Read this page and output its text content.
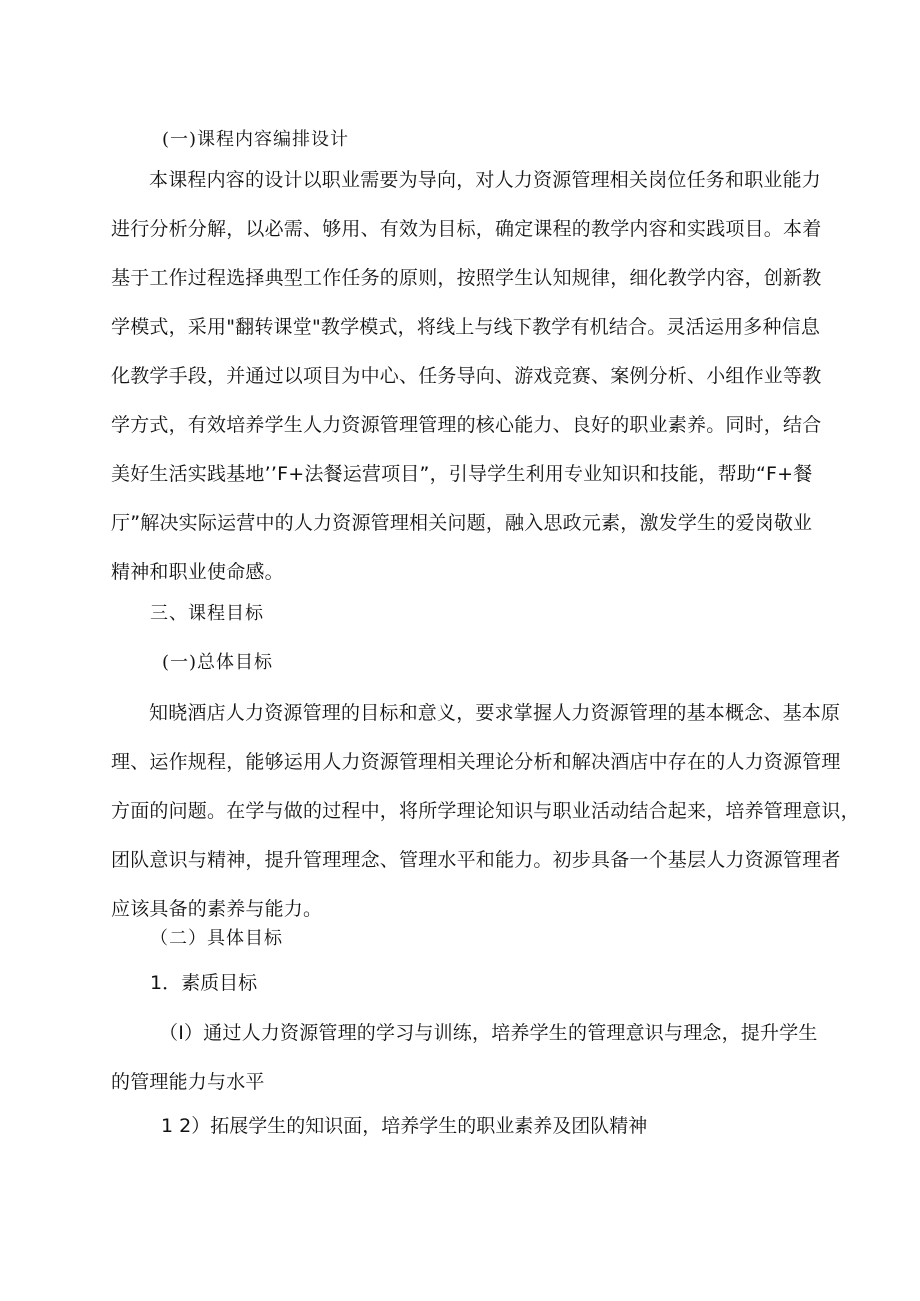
(一)课程内容编排设计
本课程内容的设计以职业需要为导向，对人力资源管理相关岗位任务和职业能力
进行分析分解，以必需、够用、有效为目标，确定课程的教学内容和实践项目。本着
基于工作过程选择典型工作任务的原则，按照学生认知规律，细化教学内容，创新教
学模式，采用"翻转课堂"教学模式，将线上与线下教学有机结合。灵活运用多种信息
化教学手段，并通过以项目为中心、任务导向、游戏竞赛、案例分析、小组作业等教
学方式，有效培养学生人力资源管理管理的核心能力、良好的职业素养。同时，结合
美好生活实践基地’’F+法餐运营项目”，引导学生利用专业知识和技能，帮助“F+餐
厅”解决实际运营中的人力资源管理相关问题，融入思政元素，激发学生的爱岗敬业
精神和职业使命感。
三、课程目标
(一)总体目标
知晓酒店人力资源管理的目标和意义，要求掌握人力资源管理的基本概念、基本原
理、运作规程，能够运用人力资源管理相关理论分析和解决酒店中存在的人力资源管理
方面的问题。在学与做的过程中，将所学理论知识与职业活动结合起来，培养管理意识，
团队意识与精神，提升管理理念、管理水平和能力。初步具备一个基层人力资源管理者
应该具备的素养与能力。
（二）具体目标
1．素质目标
（I）通过人力资源管理的学习与训练，培养学生的管理意识与理念，提升学生
的管理能力与水平
1 2）拓展学生的知识面，培养学生的职业素养及团队精神
